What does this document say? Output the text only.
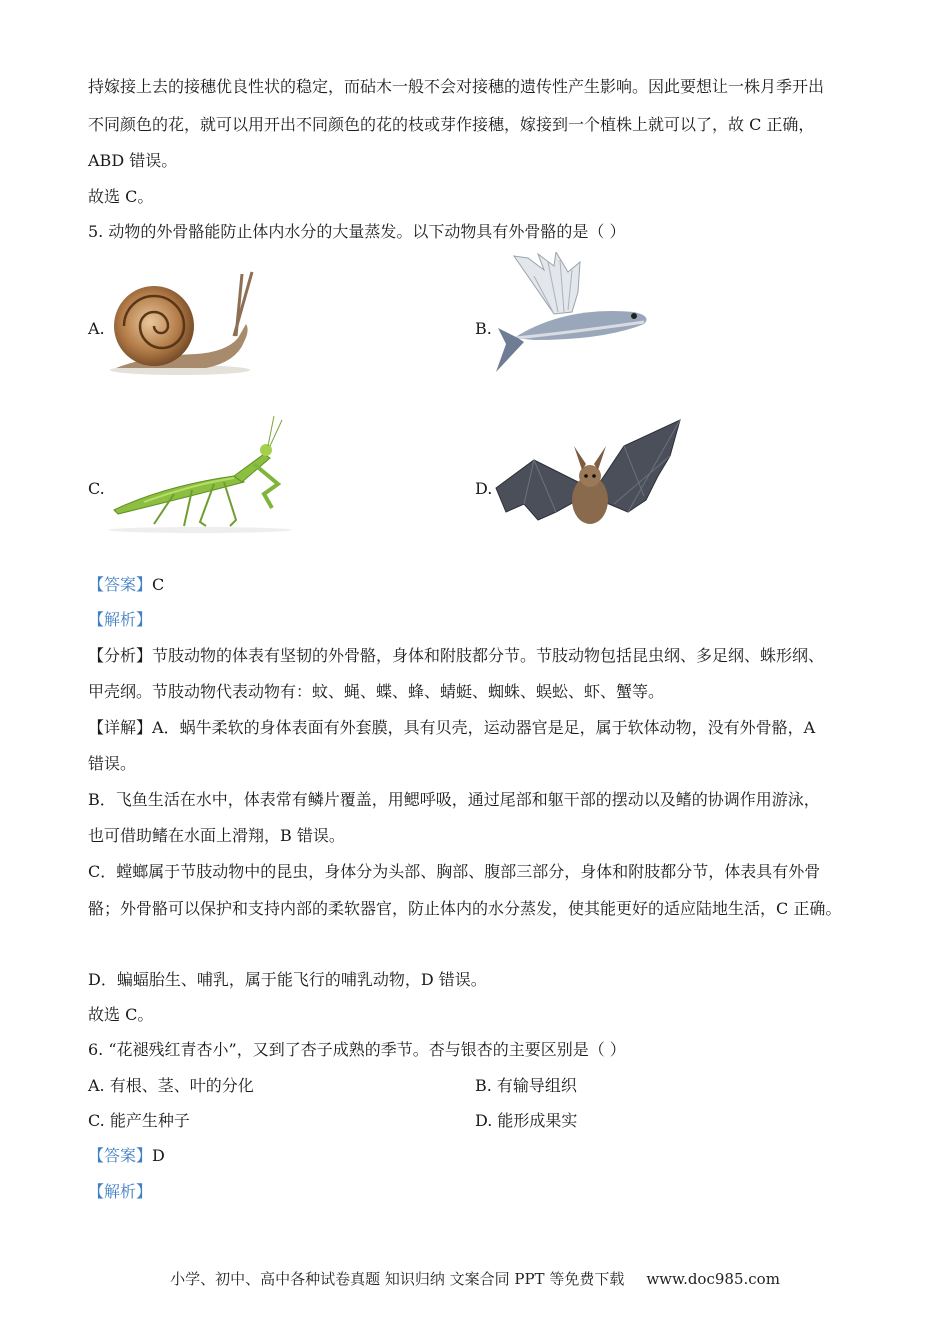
持嫁接上去的接穗优良性状的稳定，而砧木一般不会对接穗的遗传性产生影响。因此要想让一株月季开出
不同颜色的花，就可以用开出不同颜色的花的枝或芽作接穗，嫁接到一个植株上就可以了，故 C 正确，
ABD 错误。
故选 C。
5. 动物的外骨骼能防止体内水分的大量蒸发。以下动物具有外骨骼的是（ ）
A.	B.
C.	D.
【答案】C
【解析】
【分析】节肢动物的体表有坚韧的外骨骼，身体和附肢都分节。节肢动物包括昆虫纲、多足纲、蛛形纲、
甲壳纲。节肢动物代表动物有：蚊、蝇、蝶、蜂、蜻蜓、蜘蛛、蜈蚣、虾、蟹等。
【详解】A．蜗牛柔软的身体表面有外套膜，具有贝壳，运动器官是足，属于软体动物，没有外骨骼，A
错误。
B．飞鱼生活在水中，体表常有鳞片覆盖，用鳃呼吸，通过尾部和躯干部的摆动以及鳍的协调作用游泳，
也可借助鳍在水面上滑翔，B 错误。
C．螳螂属于节肢动物中的昆虫，身体分为头部、胸部、腹部三部分，身体和附肢都分节，体表具有外骨
骼；外骨骼可以保护和支持内部的柔软器官，防止体内的水分蒸发，使其能更好的适应陆地生活，C 正确。
D．蝙蝠胎生、哺乳，属于能飞行的哺乳动物，D 错误。
故选 C。
6. “花褪残红青杏小”，又到了杏子成熟的季节。杏与银杏的主要区别是（ ）
A. 有根、茎、叶的分化	B. 有输导组织
C. 能产生种子	D. 能形成果实
【答案】D
【解析】
小学、初中、高中各种试卷真题 知识归纳 文案合同 PPT 等免费下载 www.doc985.com
